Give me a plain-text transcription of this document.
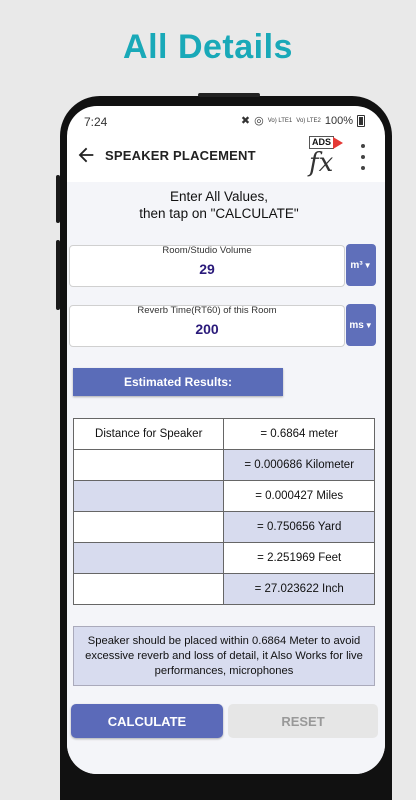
All Details
7:24	✖ ◎ Vo) LTE1 Vo) LTE2 100%
SPEAKER PLACEMENT
ADS
fx
Enter All Values,
then tap on "CALCULATE"
Room/Studio Volume
29	m³ ▼
Reverb Time(RT60) of this Room
200	ms ▼
Estimated Results:
Distance for Speaker	= 0.6864 meter
	= 0.000686 Kilometer
	= 0.000427 Miles
	= 0.750656 Yard
	= 2.251969 Feet
	= 27.023622 Inch
Speaker should be placed within 0.6864 Meter to avoid excessive reverb and loss of detail, it Also Works for live performances, microphones
CALCULATE	RESET
